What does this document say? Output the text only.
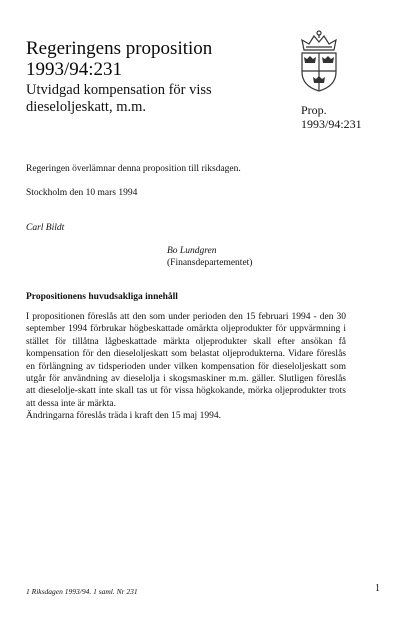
Regeringens proposition
1993/94:231
Utvidgad kompensation för viss
dieseloljeskatt, m.m.	Prop.
1993/94:231
Regeringen överlämnar denna proposition till riksdagen.
Stockholm den 10 mars 1994
Carl Bildt
Bo Lundgren
(Finansdepartementet)
Propositionens huvudsakliga innehåll

I propositionen föreslås att den som under perioden den 15 februari 1994 - den 30 september 1994 förbrukar högbeskattade omärkta oljeprodukter för uppvärmning i stället för tillåtna lågbeskattade märkta oljeprodukter skall efter ansökan få kompensation för den dieseloljeskatt som belastat oljeprodukterna. Vidare föreslås en förlängning av tidsperioden under vilken kompensation för dieseloljeskatt som utgår för användning av dieselolja i skogsmaskiner m.m. gäller. Slutligen föreslås att dieselolje-skatt inte skall tas ut för vissa högkokande, mörka oljeprodukter trots att dessa inte är märkta.

Ändringarna föreslås träda i kraft den 15 maj 1994.

1 Riksdagen 1993/94. 1 saml. Nr 231	1
